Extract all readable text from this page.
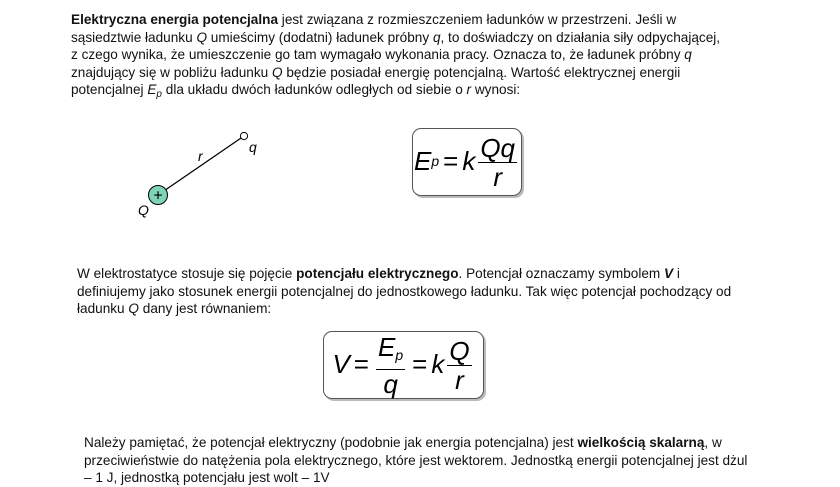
Elektryczna energia potencjalna jest związana z rozmieszczeniem ładunków w przestrzeni. Jeśli w
sąsiedztwie ładunku Q umieścimy (dodatni) ładunek próbny q, to doświadczy on działania siły odpychającej,
z czego wynika, że umieszczenie go tam wymagało wykonania pracy. Oznacza to, że ładunek próbny q
znajdujący się w pobliżu ładunku Q będzie posiadał energię potencjalną. Wartość elektrycznej energii
potencjalnej $E_p$ dla układu dwóch ładunków odległych od siebie o r wynosi:
+
Q
q
r	E p = k $\frac{Qq}{r}$
W elektrostatyce stosuje się pojęcie potencjału elektrycznego. Potencjał oznaczamy symbolem V i
definiujemy jako stosunek energii potencjalnej do jednostkowego ładunku. Tak więc potencjał pochodzący od
ładunku Q dany jest równaniem:
$V = \frac{Ep}{q} = k \frac{Q}{r}$
Należy pamiętać, że potencjał elektryczny (podobnie jak energia potencjalna) jest wielkością skalarną, w
przeciwieństwie do natężenia pola elektrycznego, które jest wektorem. Jednostką energii potencjalnej jest dżul
– 1 J, jednostką potencjału jest wolt – 1V
